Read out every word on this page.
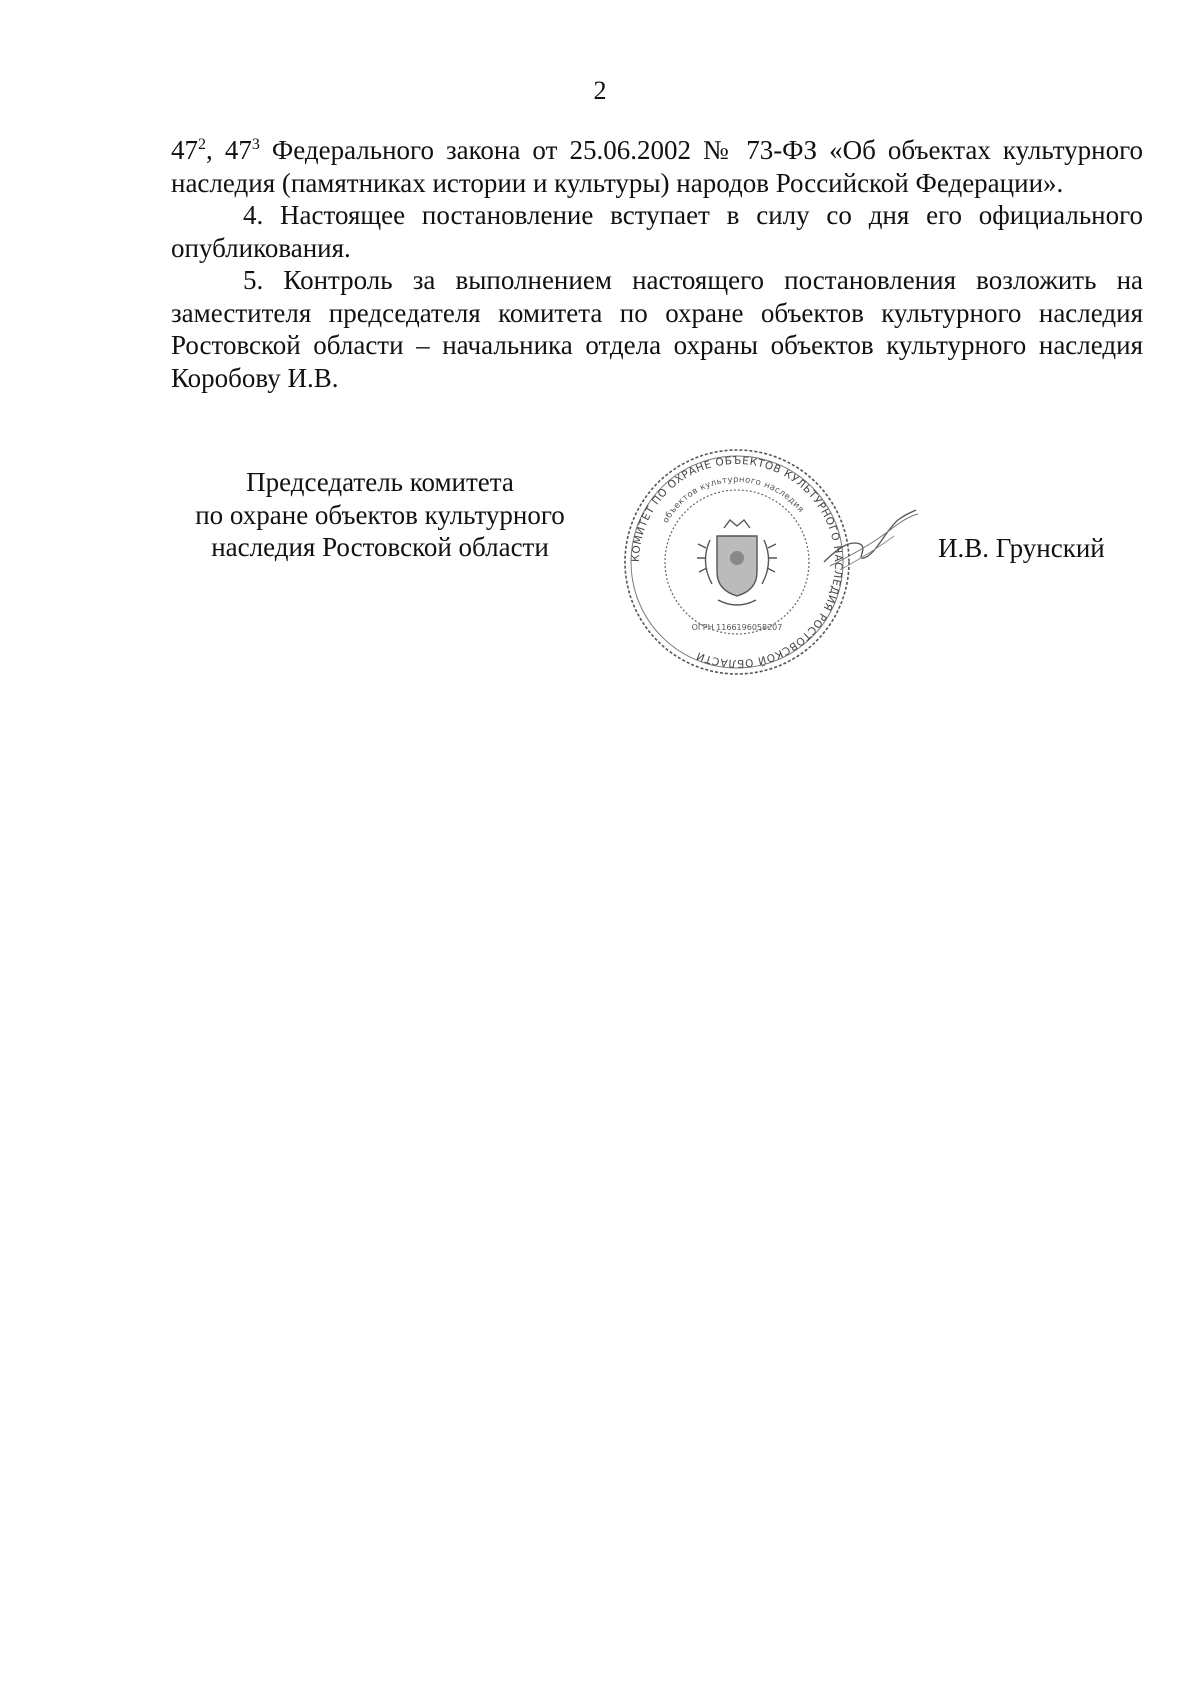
2

$47^2$, $47^3$ Федерального закона от 25.06.2002 № 73-ФЗ «Об объектах культурного наследия (памятниках истории и культуры) народов Российской Федерации».

4. Настоящее постановление вступает в силу со дня его официального опубликования.

5. Контроль за выполнением настоящего постановления возложить на заместителя председателя комитета по охране объектов культурного наследия Ростовской области – начальника отдела охраны объектов культурного наследия Коробову И.В.

Председатель комитета
по охране объектов культурного
наследия Ростовской области	КОМИТЕТ ПО ОХРАНЕ ОБЪЕКТОВ КУЛЬТУРНОГО НАСЛЕДИЯ РОСТОВСКОЙ ОБЛАСТИ
объектов культурного наследия
ОГРН 1166196058207
И.В. Грунский
